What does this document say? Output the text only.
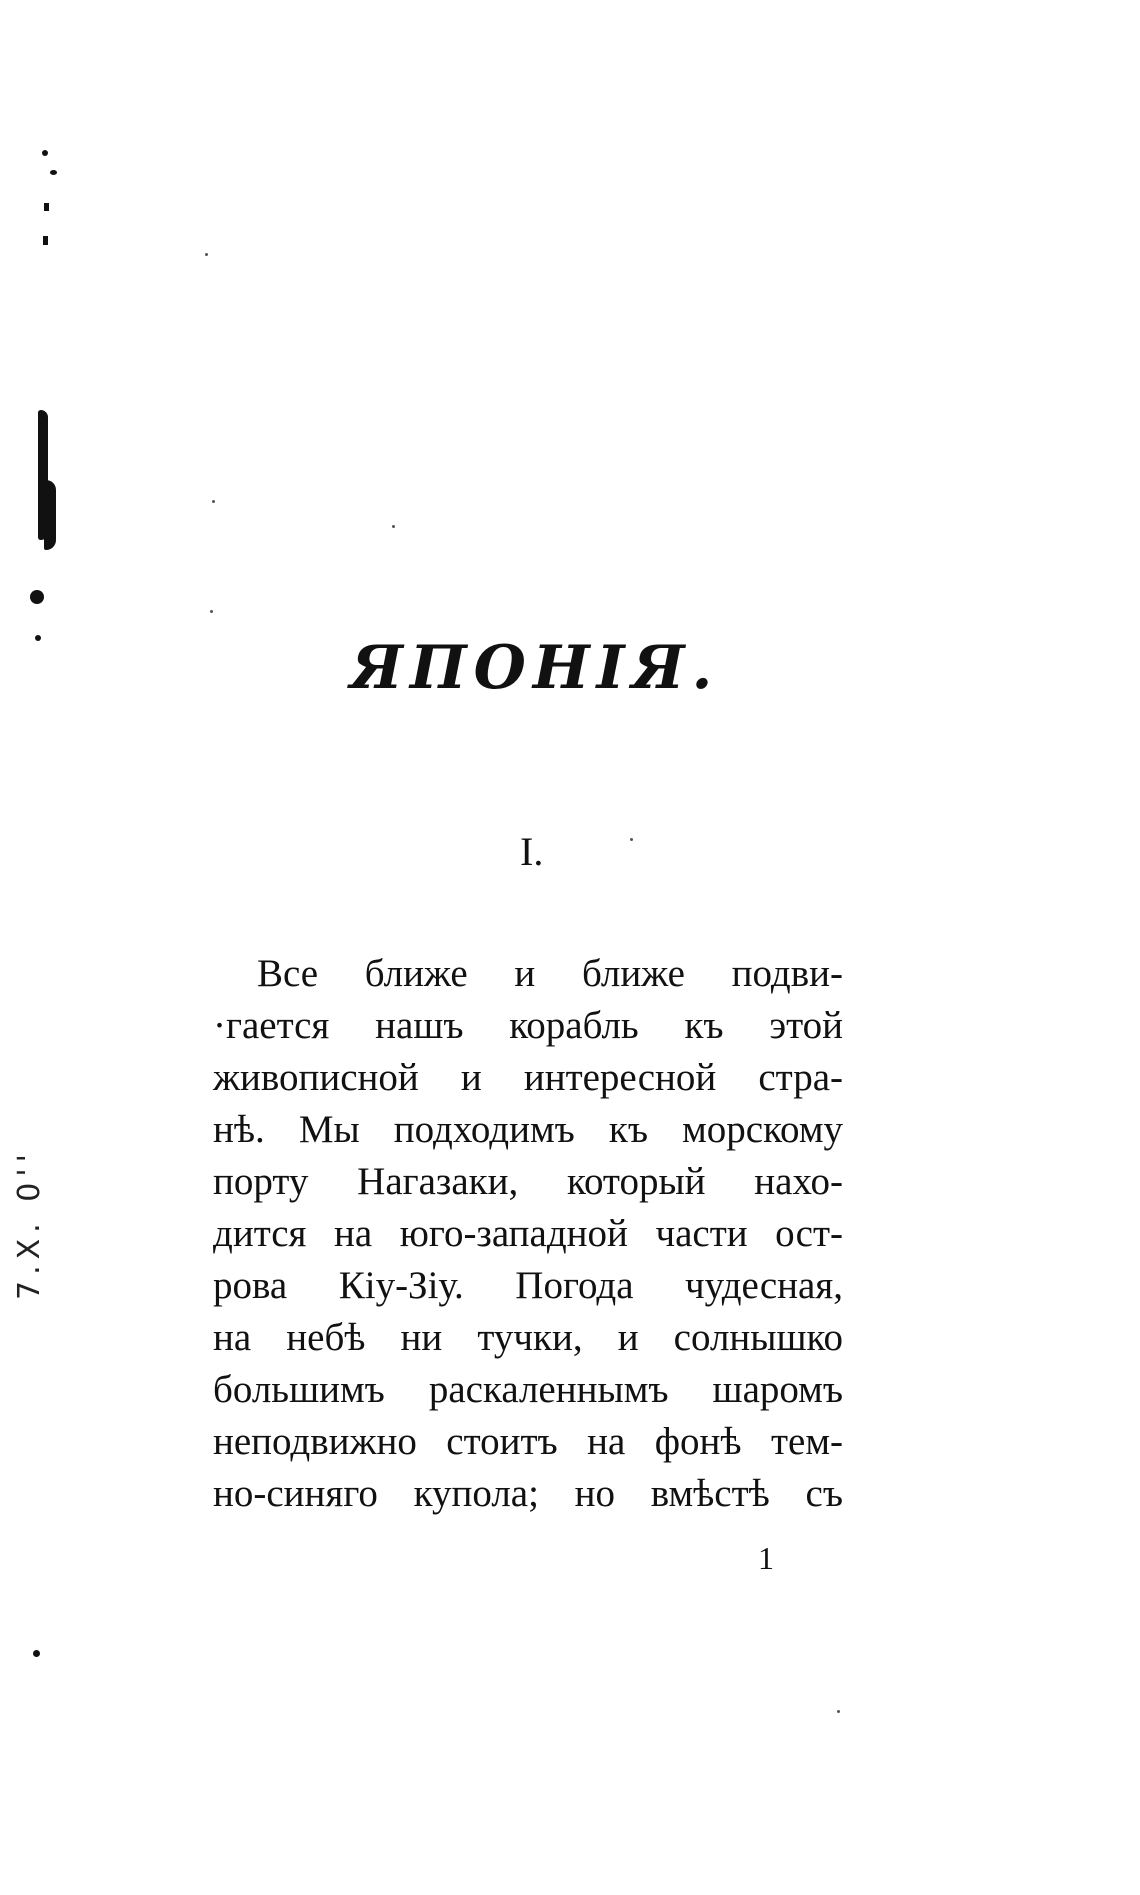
7.X. 0''
ЯПОНІЯ.
I.

Все ближе и ближе подви-
·гается нашъ корабль къ этой
живописной и интересной стра-
нѣ. Мы подходимъ къ морскому
порту Нагазаки, который нахо-
дится на юго-западной части ост-
рова Кіу-Зіу. Погода чудесная,
на небѣ ни тучки, и солнышко
большимъ раскаленнымъ шаромъ
неподвижно стоитъ на фонѣ тем-
но-синяго купола; но вмѣстѣ съ

1
